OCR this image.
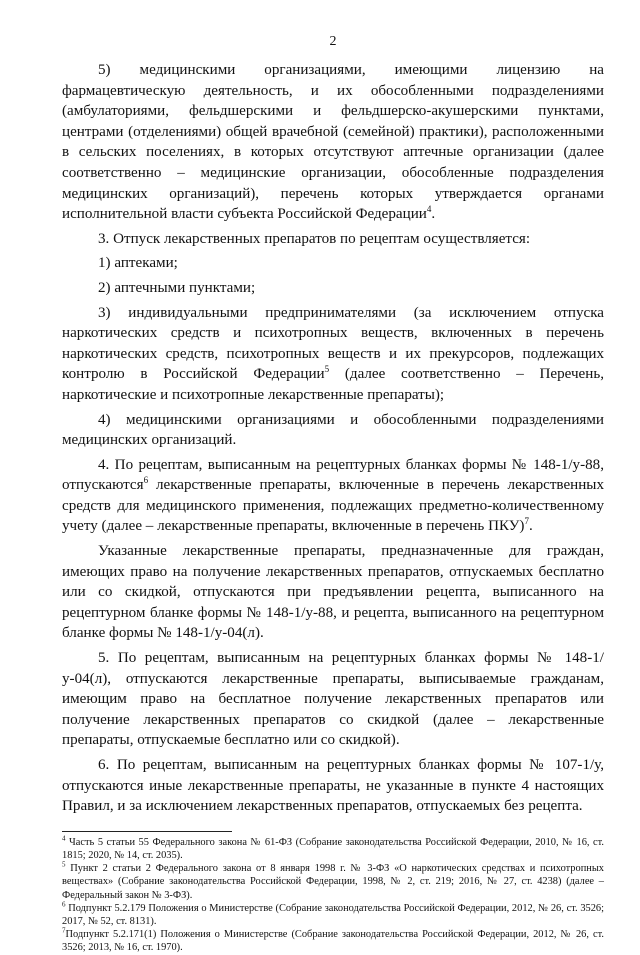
2

5) медицинскими организациями, имеющими лицензию на фармацевтическую деятельность, и их обособленными подразделениями (амбулаториями, фельдшерскими и фельдшерско-акушерскими пунктами, центрами (отделениями) общей врачебной (семейной) практики), расположенными в сельских поселениях, в которых отсутствуют аптечные организации (далее соответственно – медицинские организации, обособленные подразделения медицинских организаций), перечень которых утверждается органами исполнительной власти субъекта Российской Федерации$^4$.

3. Отпуск лекарственных препаратов по рецептам осуществляется:

1) аптеками;

2) аптечными пунктами;

3) индивидуальными предпринимателями (за исключением отпуска наркотических средств и психотропных веществ, включенных в перечень наркотических средств, психотропных веществ и их прекурсоров, подлежащих контролю в Российской Федерации$^5$ (далее соответственно – Перечень, наркотические и психотропные лекарственные препараты);

4) медицинскими организациями и обособленными подразделениями медицинских организаций.

4. По рецептам, выписанным на рецептурных бланках формы № 148-1/у-88, отпускаются$^6$ лекарственные препараты, включенные в перечень лекарственных средств для медицинского применения, подлежащих предметно-количественному учету (далее – лекарственные препараты, включенные в перечень ПКУ)$^7$.

Указанные лекарственные препараты, предназначенные для граждан, имеющих право на получение лекарственных препаратов, отпускаемых бесплатно или со скидкой, отпускаются при предъявлении рецепта, выписанного на рецептурном бланке формы № 148-1/у-88, и рецепта, выписанного на рецептурном бланке формы № 148-1/у-04(л).

5. По рецептам, выписанным на рецептурных бланках формы № 148-1/у-04(л), отпускаются лекарственные препараты, выписываемые гражданам, имеющим право на бесплатное получение лекарственных препаратов или получение лекарственных препаратов со скидкой (далее – лекарственные препараты, отпускаемые бесплатно или со скидкой).

6. По рецептам, выписанным на рецептурных бланках формы № 107-1/у, отпускаются иные лекарственные препараты, не указанные в пункте 4 настоящих Правил, и за исключением лекарственных препаратов, отпускаемых без рецепта.

$^4$ Часть 5 статьи 55 Федерального закона № 61-ФЗ (Собрание законодательства Российской Федерации, 2010, № 16, ст. 1815; 2020, № 14, ст. 2035).

$^5$ Пункт 2 статьи 2 Федерального закона от 8 января 1998 г. № 3-ФЗ «О наркотических средствах и психотропных веществах» (Собрание законодательства Российской Федерации, 1998, № 2, ст. 219; 2016, № 27, ст. 4238) (далее – Федеральный закон № 3-ФЗ).

$^6$ Подпункт 5.2.179 Положения о Министерстве (Собрание законодательства Российской Федерации, 2012, № 26, ст. 3526; 2017, № 52, ст. 8131).

$^7$Подпункт 5.2.171(1) Положения о Министерстве (Собрание законодательства Российской Федерации, 2012, № 26, ст. 3526; 2013, № 16, ст. 1970).
